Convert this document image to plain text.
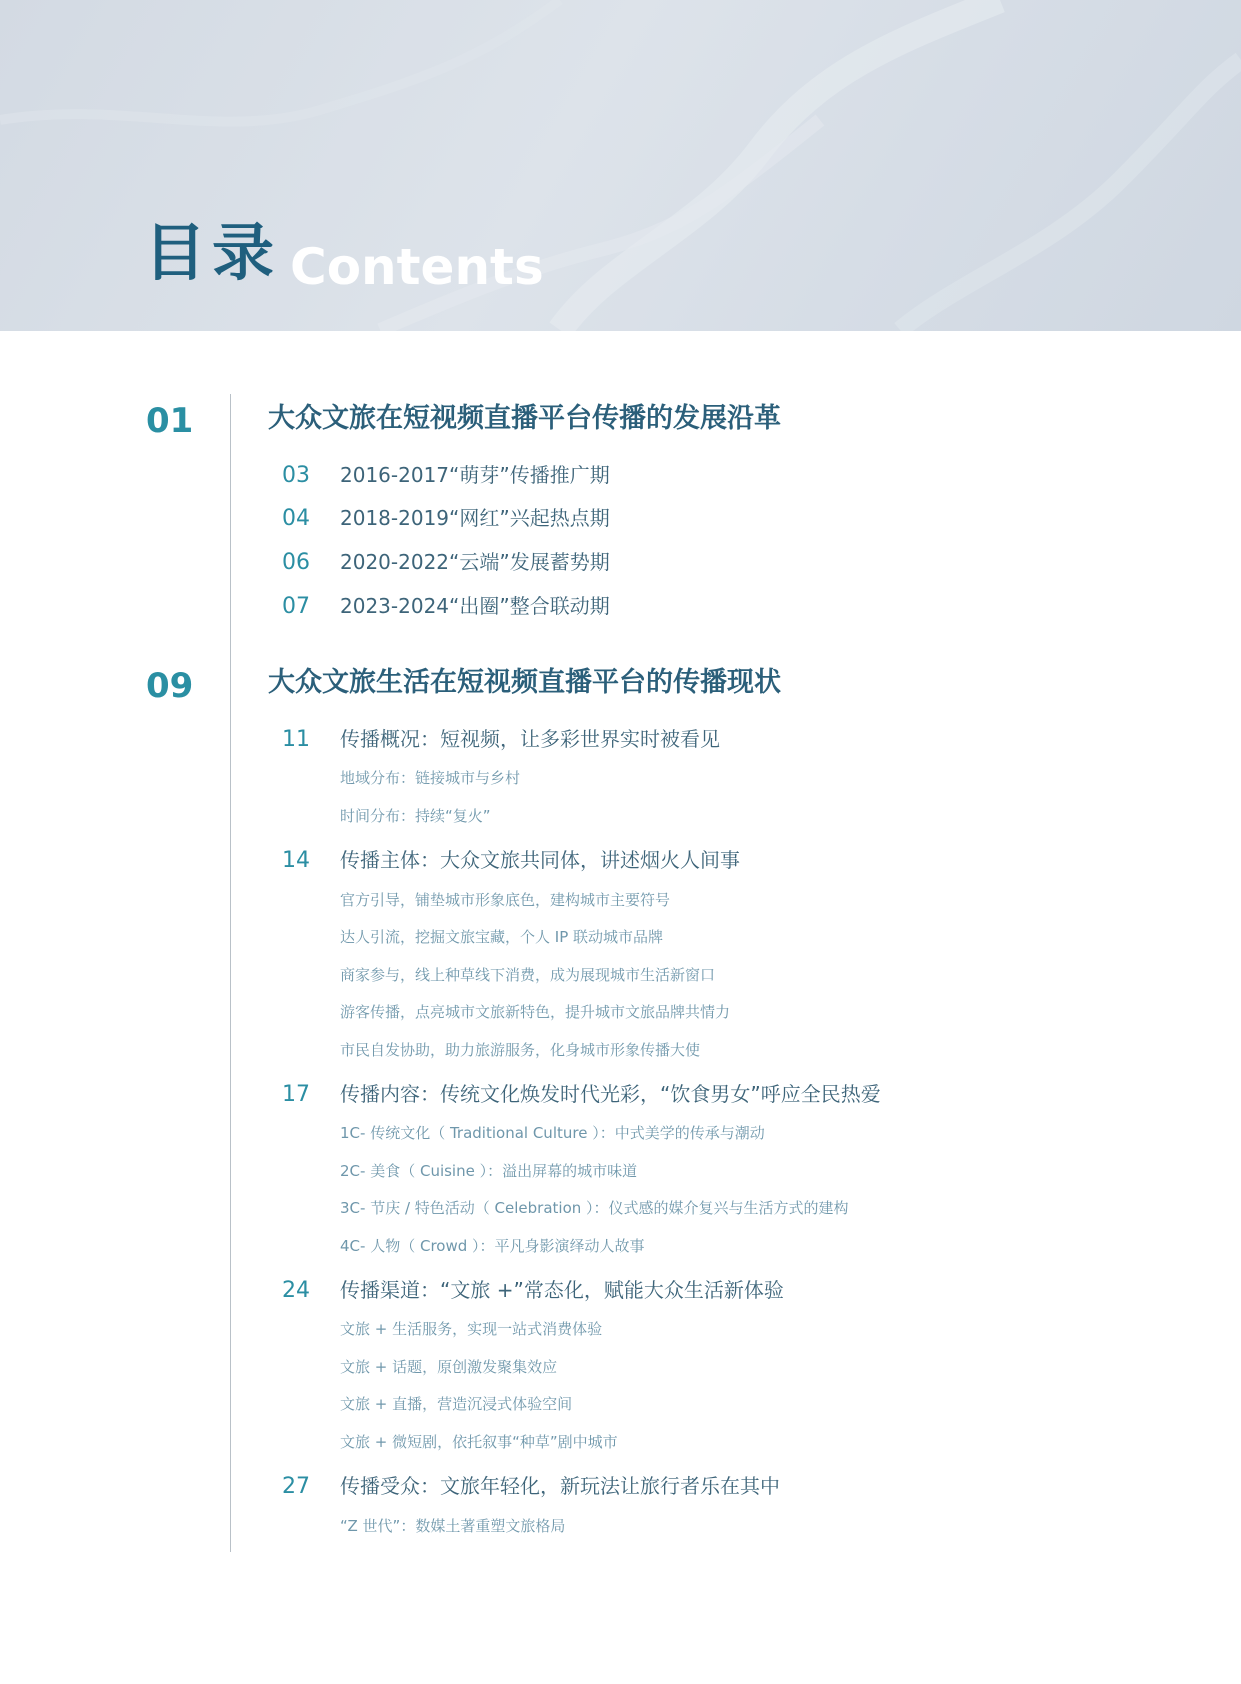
目录 Contents
01	大众文旅在短视频直播平台传播的发展沿革
03 2016-2017“萌芽”传播推广期
04 2018-2019“网红”兴起热点期
06 2020-2022“云端”发展蓄势期
07 2023-2024“出圈”整合联动期
09	大众文旅生活在短视频直播平台的传播现状
11 传播概况：短视频，让多彩世界实时被看见
地域分布：链接城市与乡村
时间分布：持续“复火”
14 传播主体：大众文旅共同体，讲述烟火人间事
官方引导，铺垫城市形象底色，建构城市主要符号
达人引流，挖掘文旅宝藏，个人 IP 联动城市品牌
商家参与，线上种草线下消费，成为展现城市生活新窗口
游客传播，点亮城市文旅新特色，提升城市文旅品牌共情力
市民自发协助，助力旅游服务，化身城市形象传播大使
17 传播内容：传统文化焕发时代光彩，“饮食男女”呼应全民热爱
1C- 传统文化（ Traditional Culture ）：中式美学的传承与潮动
2C- 美食（ Cuisine ）：溢出屏幕的城市味道
3C- 节庆 / 特色活动（ Celebration ）：仪式感的媒介复兴与生活方式的建构
4C- 人物（ Crowd ）：平凡身影演绎动人故事
24 传播渠道：“文旅 +”常态化，赋能大众生活新体验
文旅 + 生活服务，实现一站式消费体验
文旅 + 话题，原创激发聚集效应
文旅 + 直播，营造沉浸式体验空间
文旅 + 微短剧，依托叙事“种草”剧中城市
27 传播受众：文旅年轻化，新玩法让旅行者乐在其中
“Z 世代”：数媒土著重塑文旅格局
